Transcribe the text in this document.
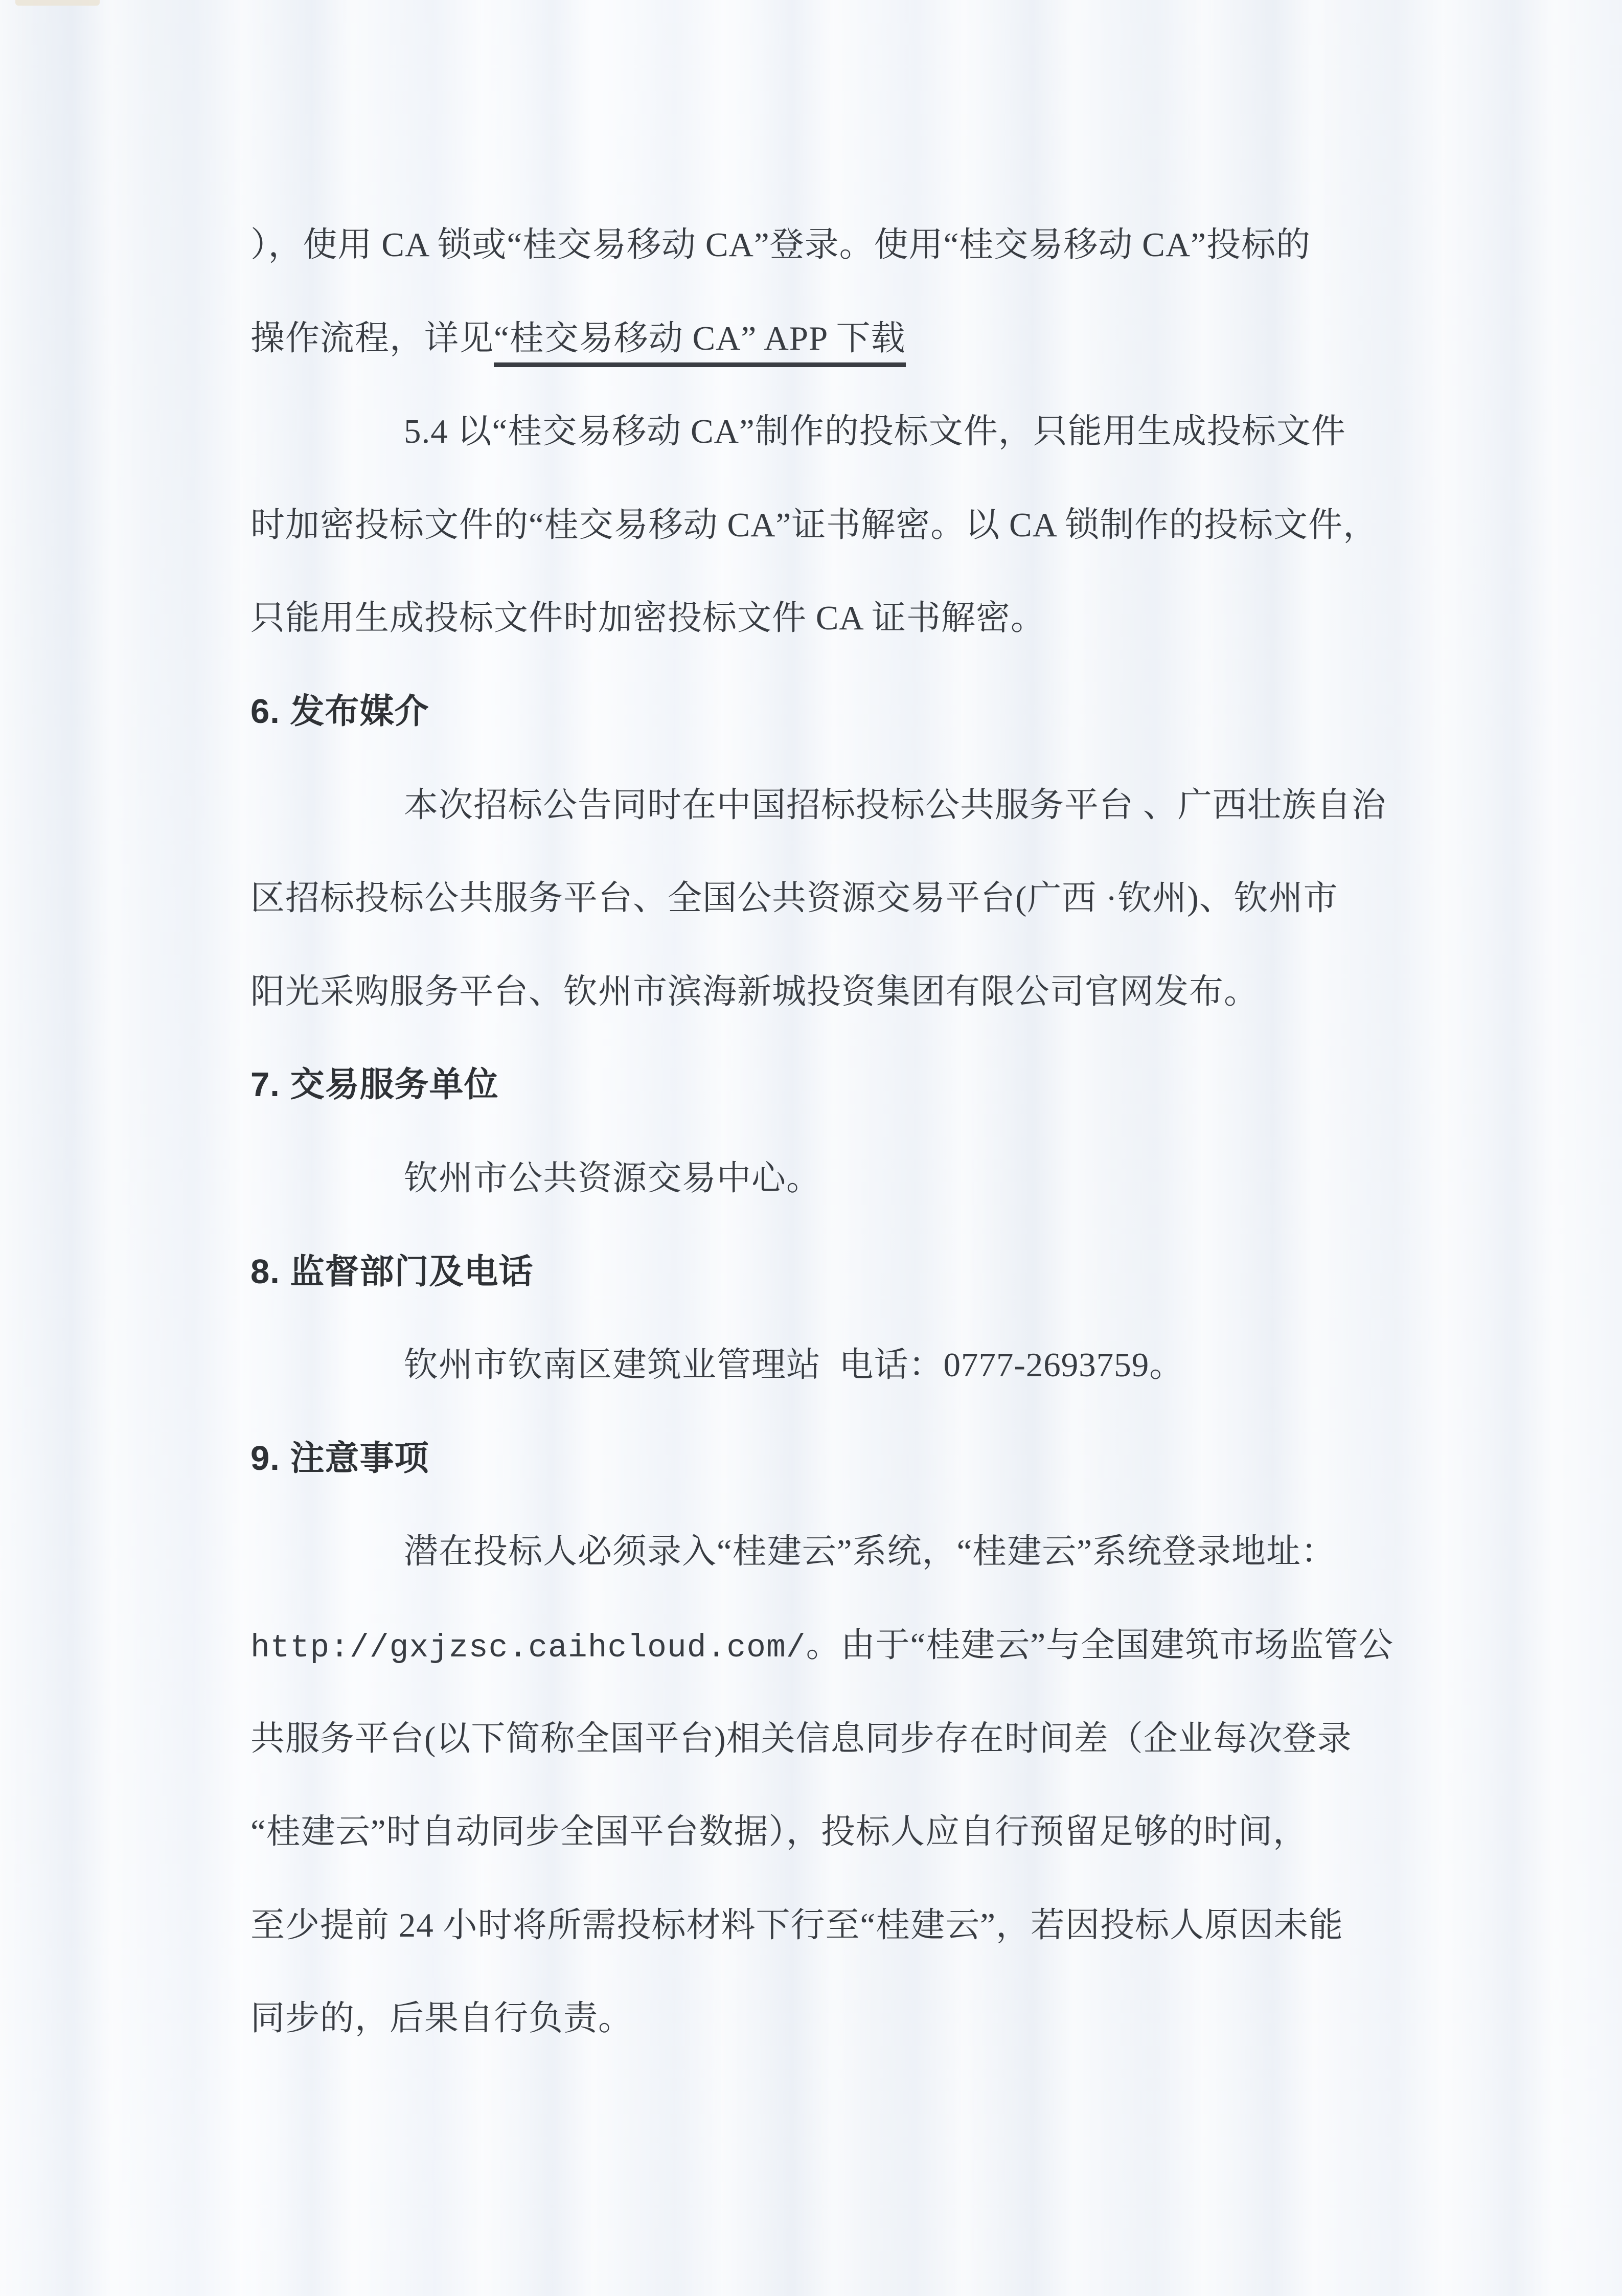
），使用 CA 锁或“桂交易移动 CA”登录。使用“桂交易移动 CA”投标的
操作流程，详见“桂交易移动 CA” APP 下载
5.4 以“桂交易移动 CA”制作的投标文件，只能用生成投标文件
时加密投标文件的“桂交易移动 CA”证书解密。以 CA 锁制作的投标文件，
只能用生成投标文件时加密投标文件 CA 证书解密。
6. 发布媒介
本次招标公告同时在中国招标投标公共服务平台 、广西壮族自治
区招标投标公共服务平台、全国公共资源交易平台(广西 ·钦州)、钦州市
阳光采购服务平台、钦州市滨海新城投资集团有限公司官网发布。
7. 交易服务单位
钦州市公共资源交易中心。
8. 监督部门及电话
钦州市钦南区建筑业管理站  电话：0777-2693759。
9. 注意事项
潜在投标人必须录入“桂建云”系统，“桂建云”系统登录地址：
http://gxjzsc.caihcloud.com/。由于“桂建云”与全国建筑市场监管公
共服务平台(以下简称全国平台)相关信息同步存在时间差（企业每次登录
“桂建云”时自动同步全国平台数据），投标人应自行预留足够的时间，
至少提前 24 小时将所需投标材料下行至“桂建云”，若因投标人原因未能
同步的，后果自行负责。
